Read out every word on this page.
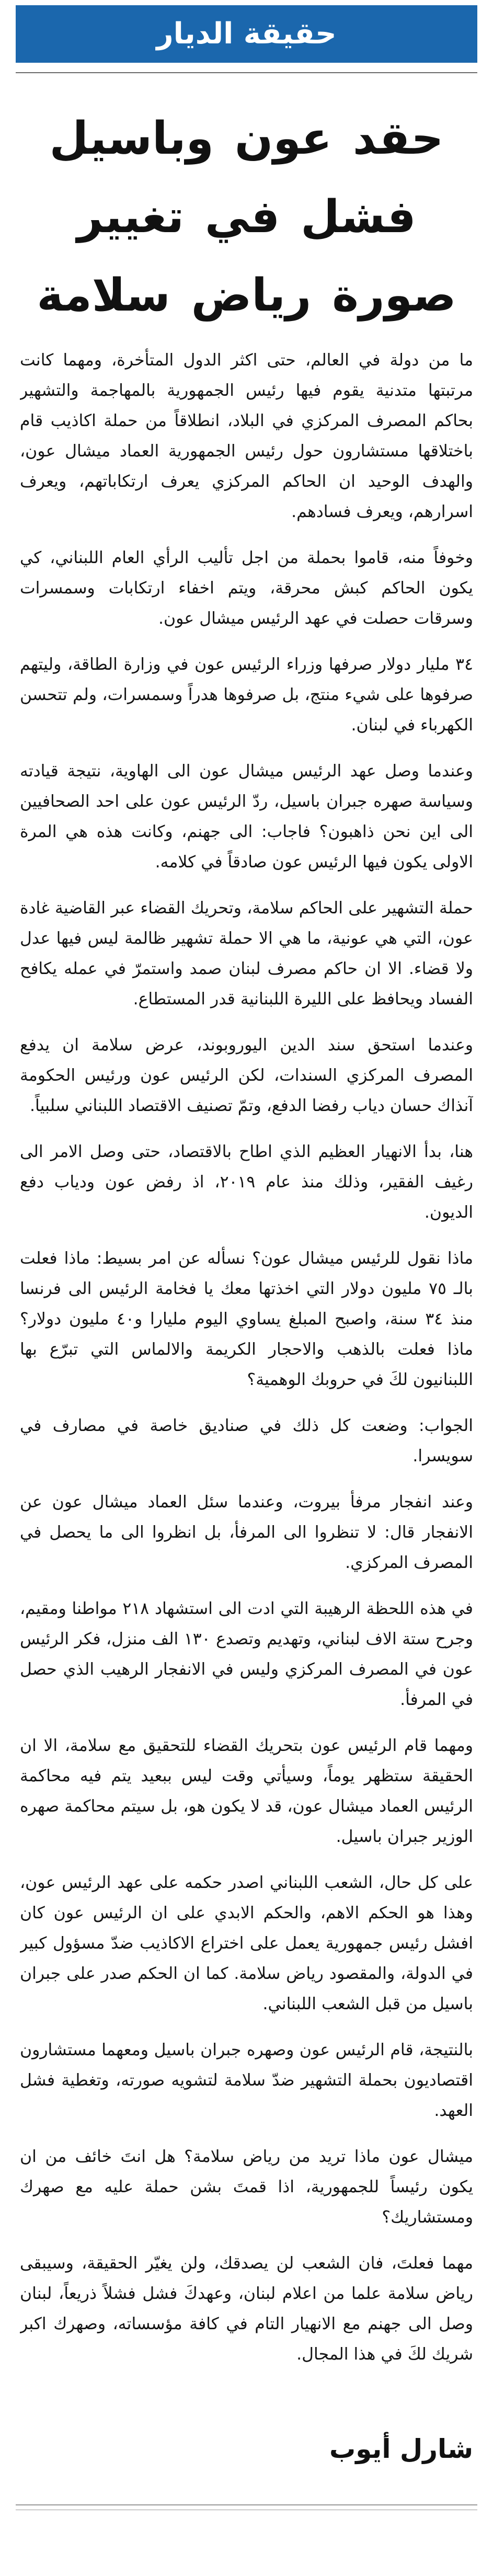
حقيقة الديار
حقد عون وباسيل
فشل في تغيير
صورة رياض سلامة

ما من دولة في العالم، حتى اكثر الدول المتأخرة، ومهما كانت مرتبتها متدنية يقوم فيها رئيس الجمهورية بالمهاجمة والتشهير بحاكم المصرف المركزي في البلاد، انطلاقاً من حملة اكاذيب قام باختلاقها مستشارون حول رئيس الجمهورية العماد ميشال عون، والهدف الوحيد ان الحاكم المركزي يعرف ارتكاباتهم، ويعرف اسرارهم، ويعرف فسادهم.

وخوفاً منه، قاموا بحملة من اجل تأليب الرأي العام اللبناني، كي يكون الحاكم كبش محرقة، ويتم اخفاء ارتكابات وسمسرات وسرقات حصلت في عهد الرئيس ميشال عون.

٣٤ مليار دولار صرفها وزراء الرئيس عون في وزارة الطاقة، وليتهم صرفوها على شيء منتج، بل صرفوها هدراً وسمسرات، ولم تتحسن الكهرباء في لبنان.

وعندما وصل عهد الرئيس ميشال عون الى الهاوية، نتيجة قيادته وسياسة صهره جبران باسيل، ردّ الرئيس عون على احد الصحافيين الى اين نحن ذاهبون؟ فاجاب: الى جهنم، وكانت هذه هي المرة الاولى يكون فيها الرئيس عون صادقاً في كلامه.

حملة التشهير على الحاكم سلامة، وتحريك القضاء عبر القاضية غادة عون، التي هي عونية، ما هي الا حملة تشهير ظالمة ليس فيها عدل ولا قضاء. الا ان حاكم مصرف لبنان صمد واستمرّ في عمله يكافح الفساد ويحافظ على الليرة اللبنانية قدر المستطاع.

وعندما استحق سند الدين اليوروبوند، عرض سلامة ان يدفع المصرف المركزي السندات، لكن الرئيس عون ورئيس الحكومة آنذاك حسان دياب رفضا الدفع، وتمّ تصنيف الاقتصاد اللبناني سلبياً.

هنا، بدأ الانهيار العظيم الذي اطاح بالاقتصاد، حتى وصل الامر الى رغيف الفقير، وذلك منذ عام ٢٠١٩، اذ رفض عون ودياب دفع الديون.

ماذا نقول للرئيس ميشال عون؟ نسأله عن امر بسيط: ماذا فعلت بالـ ٧٥ مليون دولار التي اخذتها معك يا فخامة الرئيس الى فرنسا منذ ٣٤ سنة، واصبح المبلغ يساوي اليوم مليارا و٤٠ مليون دولار؟ ماذا فعلت بالذهب والاحجار الكريمة والالماس التي تبرّع بها اللبنانيون لكَ في حروبك الوهمية؟

الجواب: وضعت كل ذلك في صناديق خاصة في مصارف في سويسرا.

وعند انفجار مرفأ بيروت، وعندما سئل العماد ميشال عون عن الانفجار قال: لا تنظروا الى المرفأ، بل انظروا الى ما يحصل في المصرف المركزي.

في هذه اللحظة الرهيبة التي ادت الى استشهاد ٢١٨ مواطنا ومقيم، وجرح ستة الاف لبناني، وتهديم وتصدع ١٣٠ الف منزل، فكر الرئيس عون في المصرف المركزي وليس في الانفجار الرهيب الذي حصل في المرفأ.

ومهما قام الرئيس عون بتحريك القضاء للتحقيق مع سلامة، الا ان الحقيقة ستظهر يوماً، وسيأتي وقت ليس ببعيد يتم فيه محاكمة الرئيس العماد ميشال عون، قد لا يكون هو، بل سيتم محاكمة صهره الوزير جبران باسيل.

على كل حال، الشعب اللبناني اصدر حكمه على عهد الرئيس عون، وهذا هو الحكم الاهم، والحكم الابدي على ان الرئيس عون كان افشل رئيس جمهورية يعمل على اختراع الاكاذيب ضدّ مسؤول كبير في الدولة، والمقصود رياض سلامة. كما ان الحكم صدر على جبران باسيل من قبل الشعب اللبناني.

بالنتيجة، قام الرئيس عون وصهره جبران باسيل ومعهما مستشارون اقتصاديون بحملة التشهير ضدّ سلامة لتشويه صورته، وتغطية فشل العهد.

ميشال عون ماذا تريد من رياض سلامة؟ هل انتَ خائف من ان يكون رئيساً للجمهورية، اذا قمتَ بشن حملة عليه مع صهرك ومستشاريك؟

مهما فعلتَ، فان الشعب لن يصدقك، ولن يغيّر الحقيقة، وسيبقى رياض سلامة علما من اعلام لبنان، وعهدكَ فشل فشلاً ذريعاً، لبنان وصل الى جهنم مع الانهيار التام في كافة مؤسساته، وصهرك اكبر شريك لكَ في هذا المجال.

شارل أيوب
